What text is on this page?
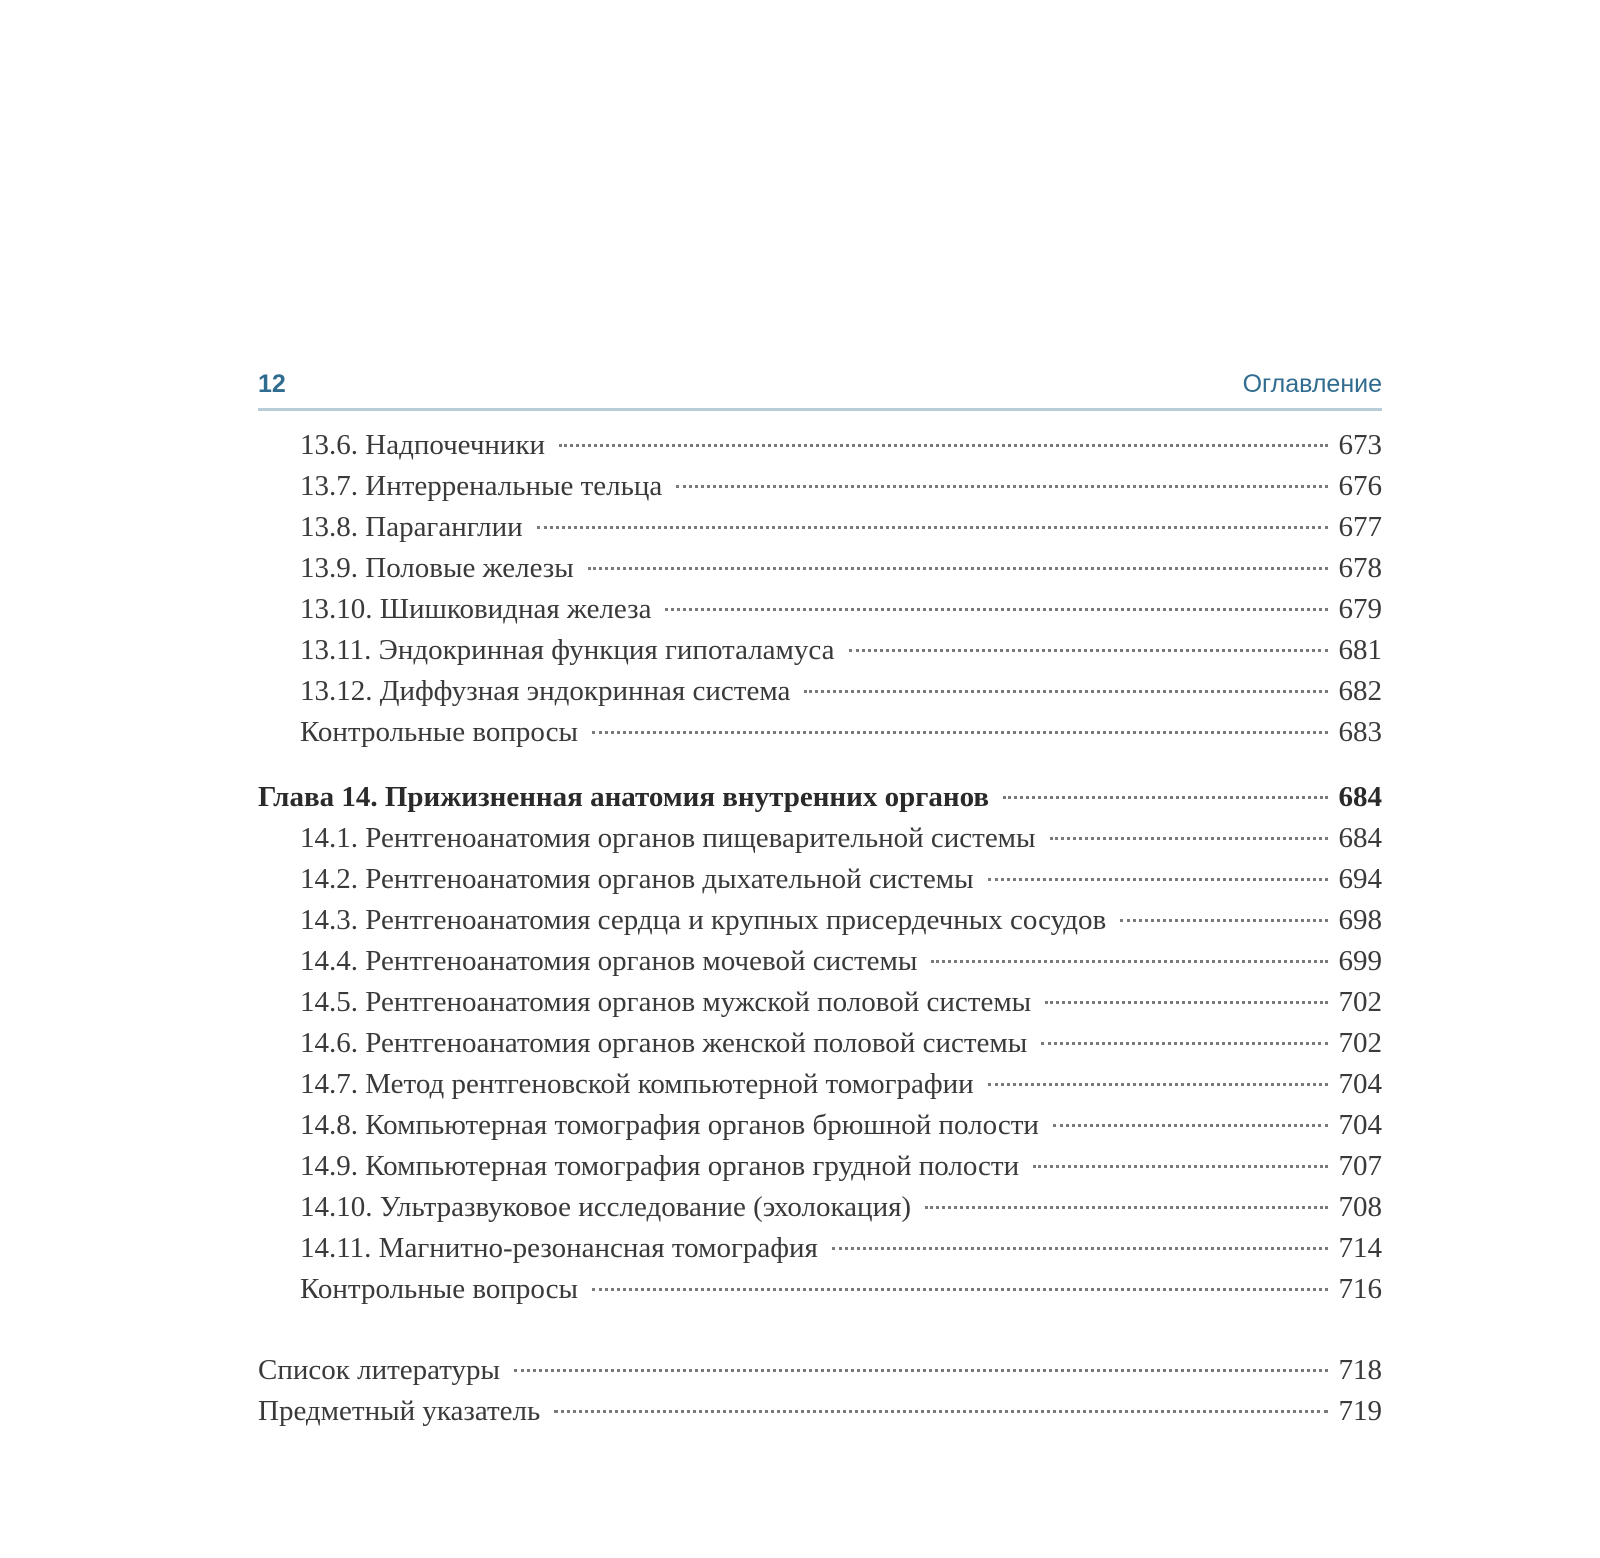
12	Оглавление
13.6. Надпочечники	673
13.7. Интерренальные тельца	676
13.8. Параганглии	677
13.9. Половые железы	678
13.10. Шишковидная железа	679
13.11. Эндокринная функция гипоталамуса	681
13.12. Диффузная эндокринная система	682
Контрольные вопросы	683
Глава 14. Прижизненная анатомия внутренних органов	684
14.1. Рентгеноанатомия органов пищеварительной системы	684
14.2. Рентгеноанатомия органов дыхательной системы	694
14.3. Рентгеноанатомия сердца и крупных присердечных сосудов	698
14.4. Рентгеноанатомия органов мочевой системы	699
14.5. Рентгеноанатомия органов мужской половой системы	702
14.6. Рентгеноанатомия органов женской половой системы	702
14.7. Метод рентгеновской компьютерной томографии	704
14.8. Компьютерная томография органов брюшной полости	704
14.9. Компьютерная томография органов грудной полости	707
14.10. Ультразвуковое исследование (эхолокация)	708
14.11. Магнитно-резонансная томография	714
Контрольные вопросы	716
Список литературы	718
Предметный указатель	719
